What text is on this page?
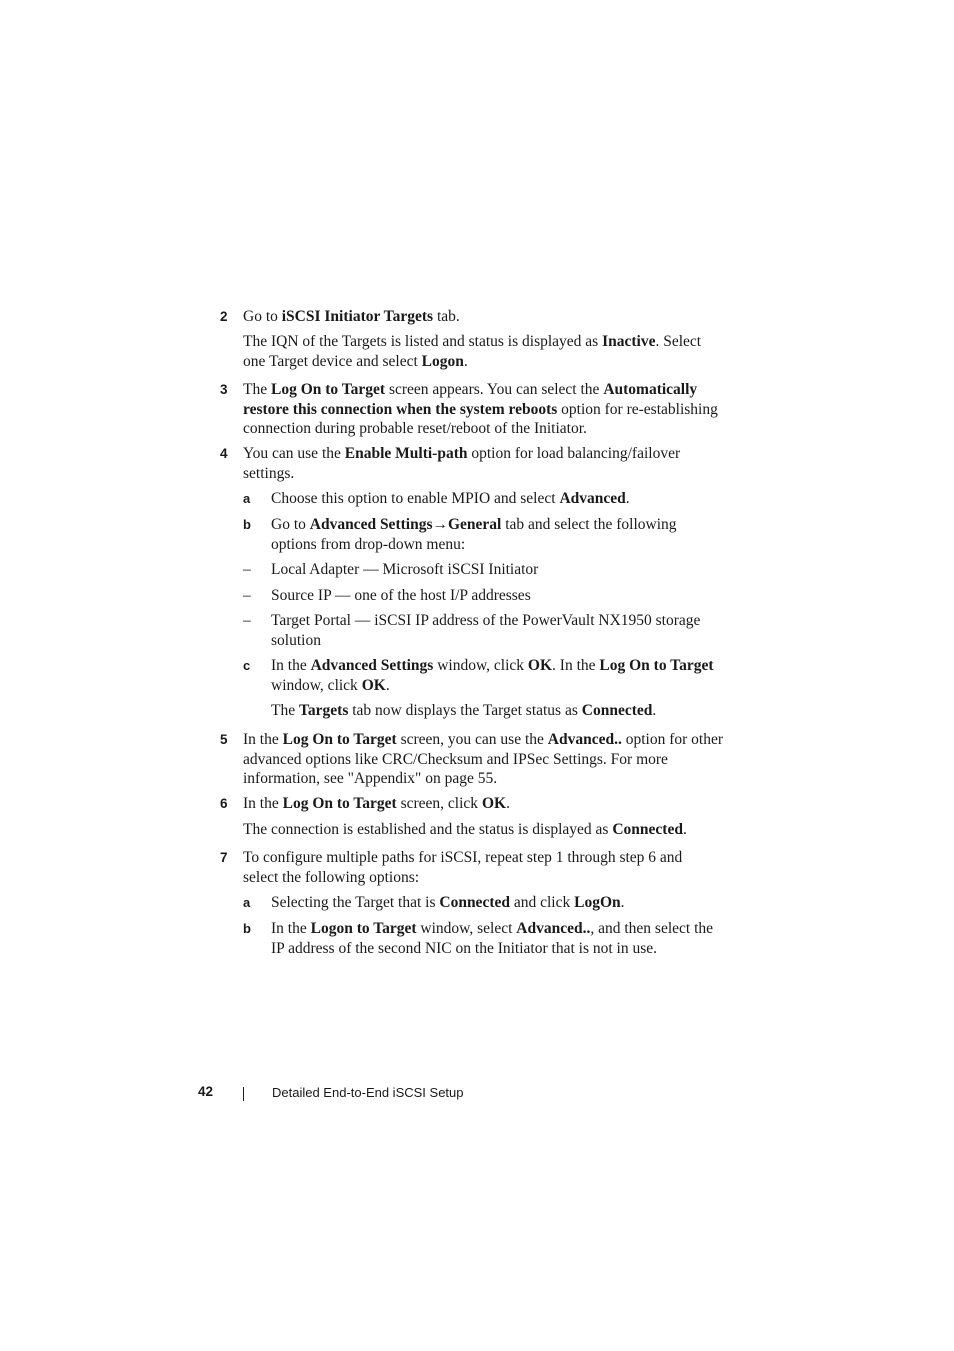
2 Go to iSCSI Initiator Targets tab.
The IQN of the Targets is listed and status is displayed as Inactive. Select one Target device and select Logon.
3 The Log On to Target screen appears. You can select the Automatically restore this connection when the system reboots option for re-establishing connection during probable reset/reboot of the Initiator.
4 You can use the Enable Multi-path option for load balancing/failover settings.
a Choose this option to enable MPIO and select Advanced.
b Go to Advanced Settings→General tab and select the following options from drop-down menu:
– Local Adapter — Microsoft iSCSI Initiator
– Source IP — one of the host I/P addresses
– Target Portal — iSCSI IP address of the PowerVault NX1950 storage solution
c In the Advanced Settings window, click OK. In the Log On to Target window, click OK.
The Targets tab now displays the Target status as Connected.
5 In the Log On to Target screen, you can use the Advanced.. option for other advanced options like CRC/Checksum and IPSec Settings. For more information, see "Appendix" on page 55.
6 In the Log On to Target screen, click OK.
The connection is established and the status is displayed as Connected.
7 To configure multiple paths for iSCSI, repeat step 1 through step 6 and select the following options:
a Selecting the Target that is Connected and click LogOn.
b In the Logon to Target window, select Advanced.., and then select the IP address of the second NIC on the Initiator that is not in use.
42	Detailed End-to-End iSCSI Setup
